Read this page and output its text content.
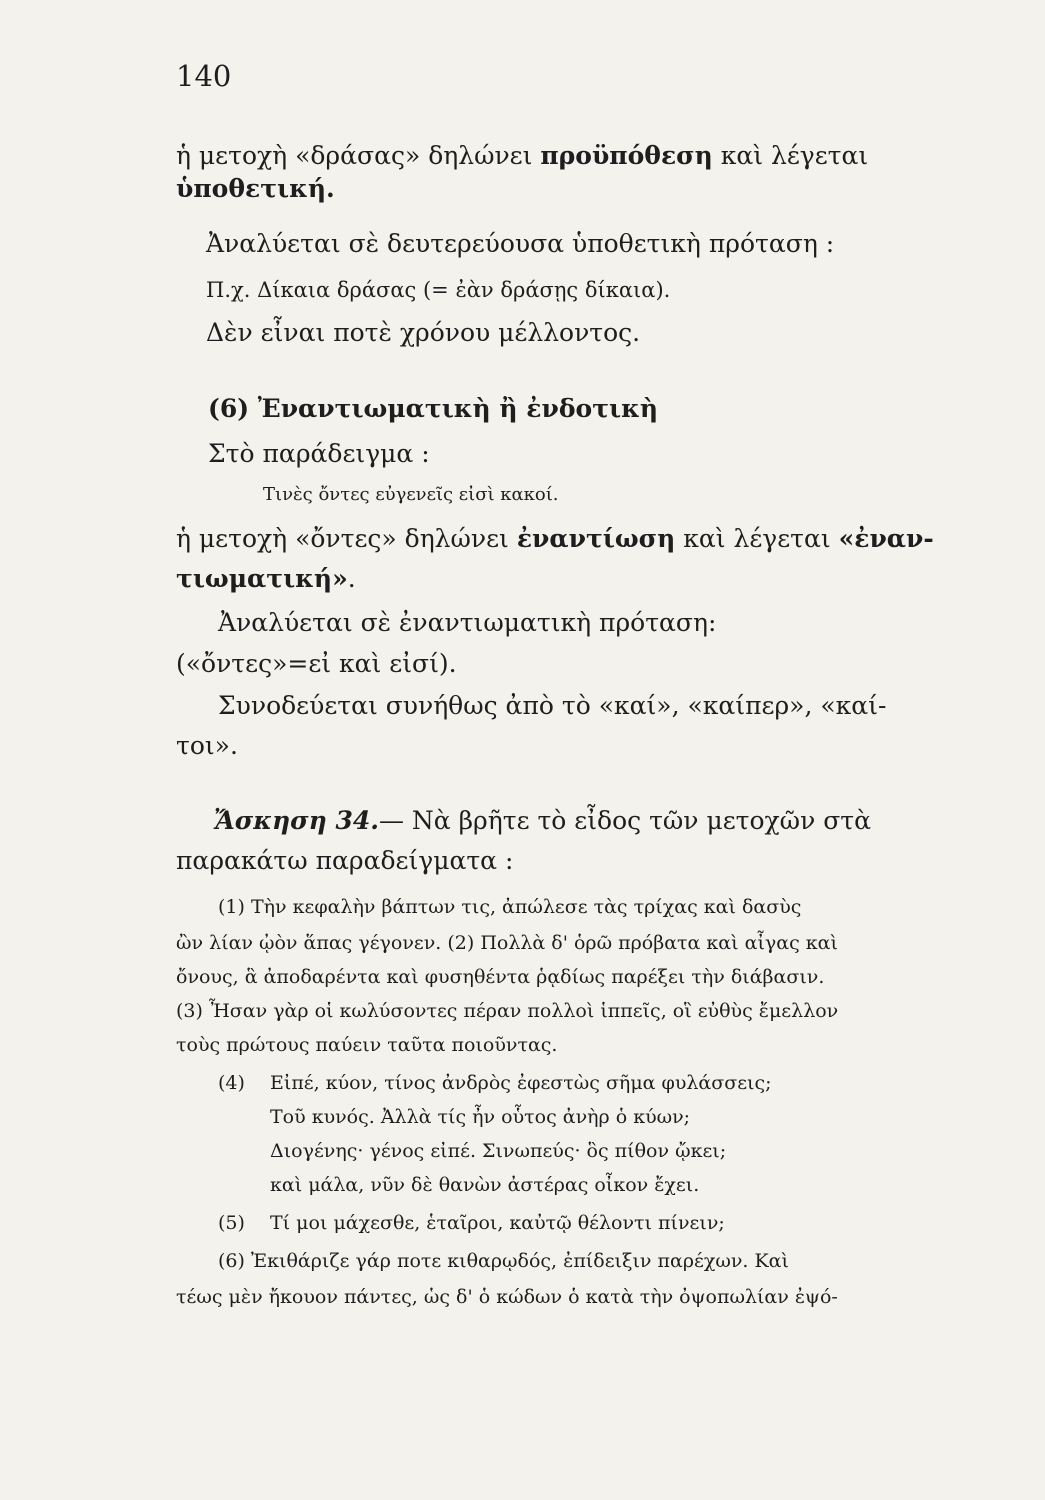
140
ἡ μετοχὴ «δράσας» δηλώνει προϋπόθεση καὶ λέγεται
ὑποθετική.
Ἀναλύεται σὲ δευτερεύουσα ὑποθετικὴ πρόταση :
Π.χ. Δίκαια δράσας (= ἐὰν δράσῃς δίκαια).
Δὲν εἶναι ποτὲ χρόνου μέλλοντος.
(6) Ἐναντιωματικὴ ἢ ἐνδοτικὴ
Στὸ παράδειγμα :
Τινὲς ὄντες εὐγενεῖς εἰσὶ κακοί.
ἡ μετοχὴ «ὄντες» δηλώνει ἐναντίωση καὶ λέγεται «ἐναν-
τιωματική».
Ἀναλύεται σὲ ἐναντιωματικὴ πρόταση:
(«ὄντες»=εἰ καὶ εἰσί).
Συνοδεύεται συνήθως ἀπὸ τὸ «καί», «καίπερ», «καί-
τοι».
Ἄσκηση 34.— Νὰ βρῆτε τὸ εἶδος τῶν μετοχῶν στὰ
παρακάτω παραδείγματα :
(1) Τὴν κεφαλὴν βάπτων τις, ἀπώλεσε τὰς τρίχας καὶ δασὺς
ὢν λίαν ᾠὸν ἅπας γέγονεν. (2) Πολλὰ δ' ὁρῶ πρόβατα καὶ αἶγας καὶ
ὄνους, ἃ ἀποδαρέντα καὶ φυσηθέντα ῥᾳδίως παρέξει τὴν διάβασιν.
(3) Ἦσαν γὰρ οἱ κωλύσοντες πέραν πολλοὶ ἱππεῖς, οἳ εὐθὺς ἔμελλον
τοὺς πρώτους παύειν ταῦτα ποιοῦντας.
(4) Εἰπέ, κύον, τίνος ἀνδρὸς ἐφεστὼς σῆμα φυλάσσεις;
Τοῦ κυνός. Ἀλλὰ τίς ἦν οὗτος ἀνὴρ ὁ κύων;
Διογένης· γένος εἰπέ. Σινωπεύς· ὃς πίθον ᾤκει;
καὶ μάλα, νῦν δὲ θανὼν ἀστέρας οἶκον ἔχει.
(5) Τί μοι μάχεσθε, ἑταῖροι, καὐτῷ θέλοντι πίνειν;
(6) Ἐκιθάριζε γάρ ποτε κιθαρῳδός, ἐπίδειξιν παρέχων. Καὶ
τέως μὲν ἤκουον πάντες, ὡς δ' ὁ κώδων ὁ κατὰ τὴν ὀψοπωλίαν ἐψό-
